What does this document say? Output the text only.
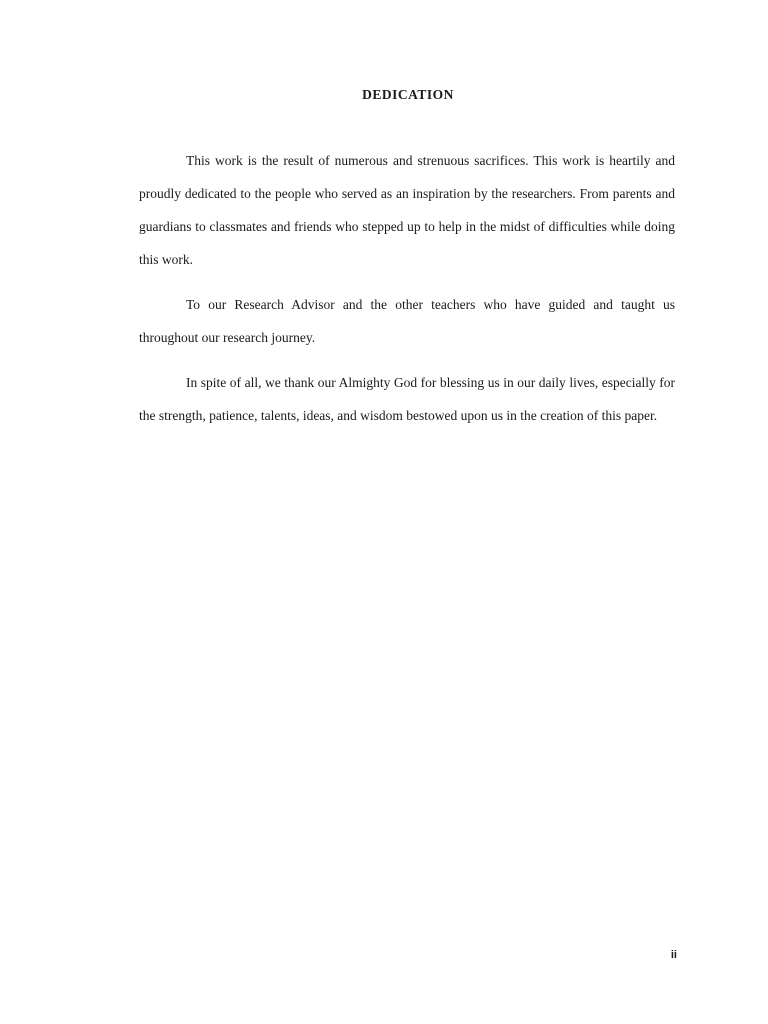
DEDICATION

This work is the result of numerous and strenuous sacrifices. This work is heartily and proudly dedicated to the people who served as an inspiration by the researchers. From parents and guardians to classmates and friends who stepped up to help in the midst of difficulties while doing this work.

To our Research Advisor and the other teachers who have guided and taught us throughout our research journey.

In spite of all, we thank our Almighty God for blessing us in our daily lives, especially for the strength, patience, talents, ideas, and wisdom bestowed upon us in the creation of this paper.

ii
